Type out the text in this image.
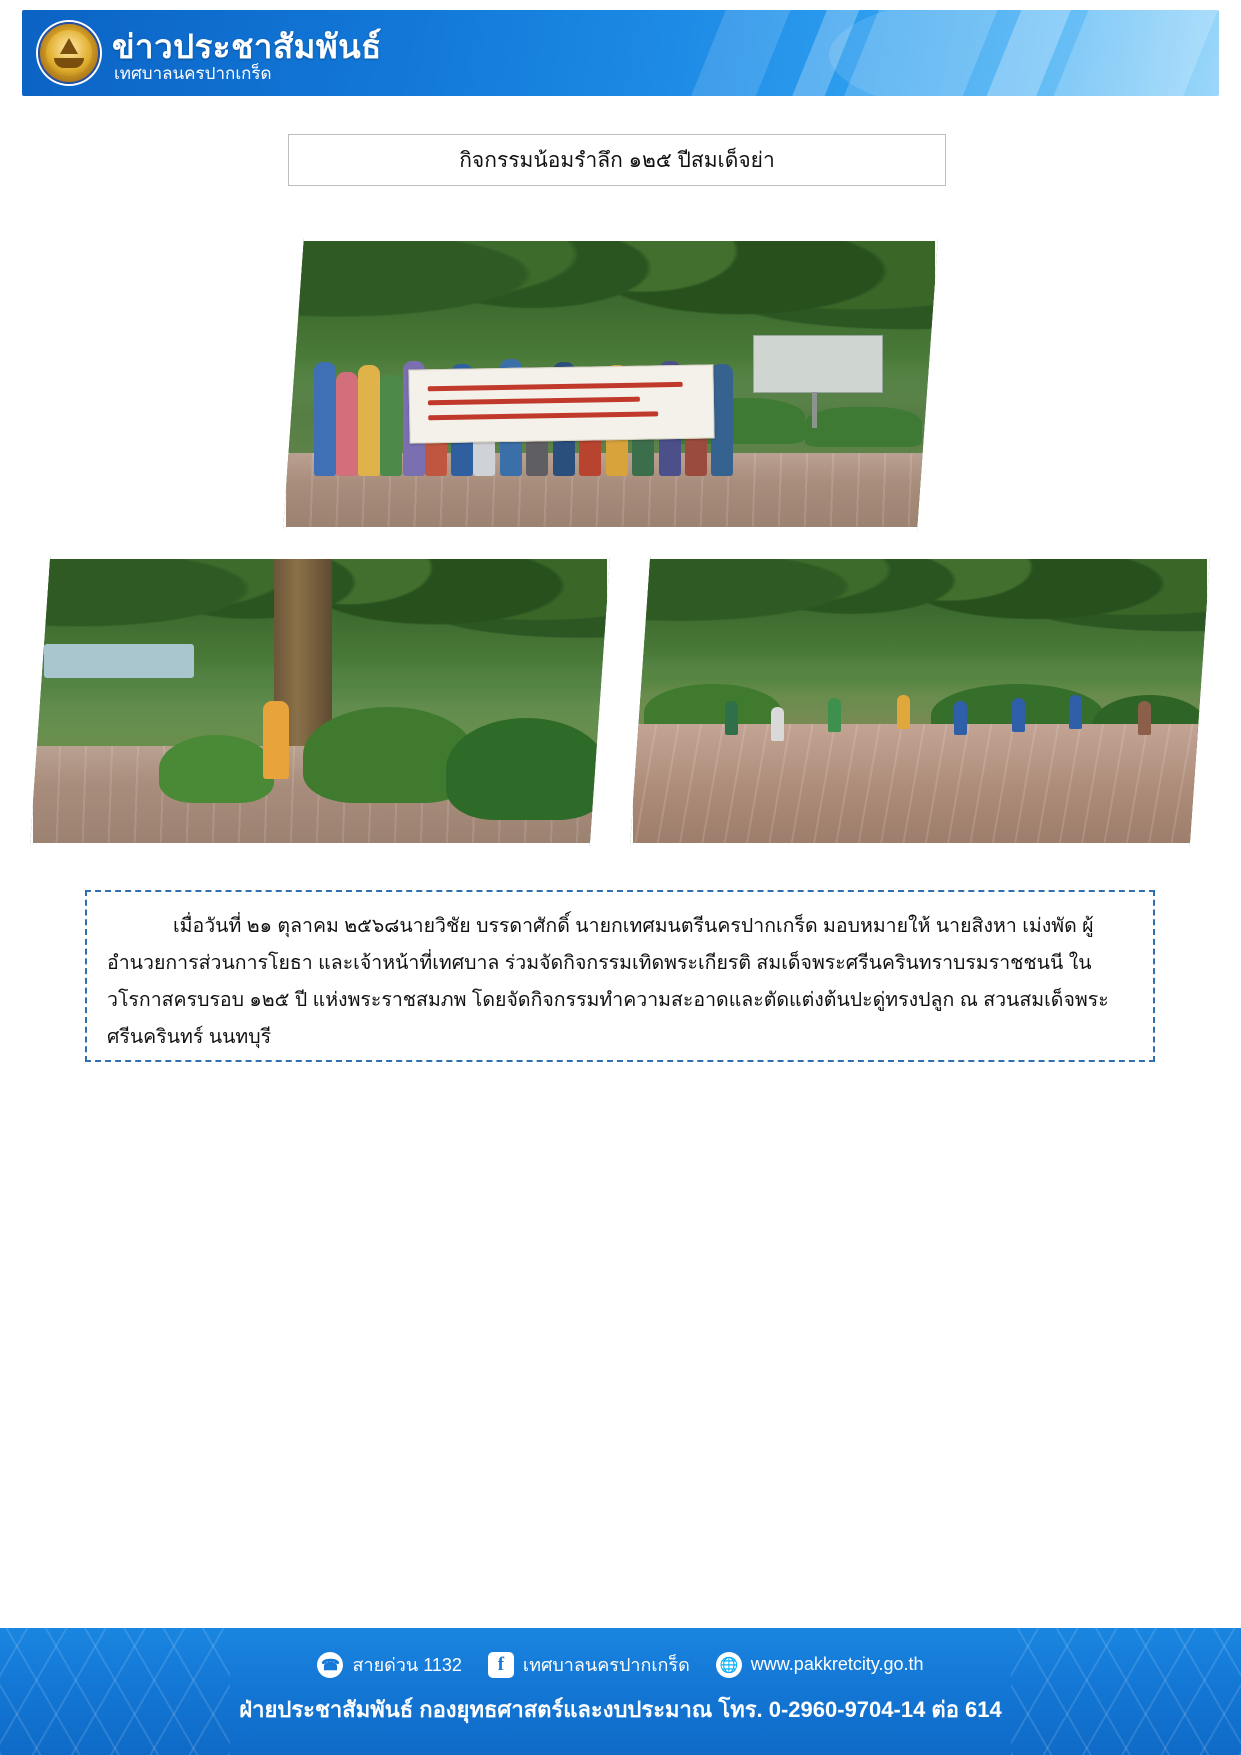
ข่าวประชาสัมพันธ์
เทศบาลนครปากเกร็ด
กิจกรรมน้อมรำลึก ๑๒๕ ปีสมเด็จย่า

เมื่อวันที่ ๒๑ ตุลาคม ๒๕๖๘นายวิชัย บรรดาศักดิ์ นายกเทศมนตรีนครปากเกร็ด มอบหมายให้ นายสิงหา เม่งพัด ผู้อำนวยการส่วนการโยธา และเจ้าหน้าที่เทศบาล ร่วมจัดกิจกรรมเทิดพระเกียรติ สมเด็จพระศรีนครินทราบรมราชชนนี ในวโรกาสครบรอบ ๑๒๕ ปี แห่งพระราชสมภพ โดยจัดกิจกรรมทำความสะอาดและตัดแต่งต้นปะดู่ทรงปลูก ณ สวนสมเด็จพระศรีนครินทร์ นนทบุรี

☎ สายด่วน 1132	f	เทศบาลนครปากเกร็ด 🌐 www.pakkretcity.go.th
ฝ่ายประชาสัมพันธ์ กองยุทธศาสตร์และงบประมาณ โทร. 0-2960-9704-14 ต่อ 614
